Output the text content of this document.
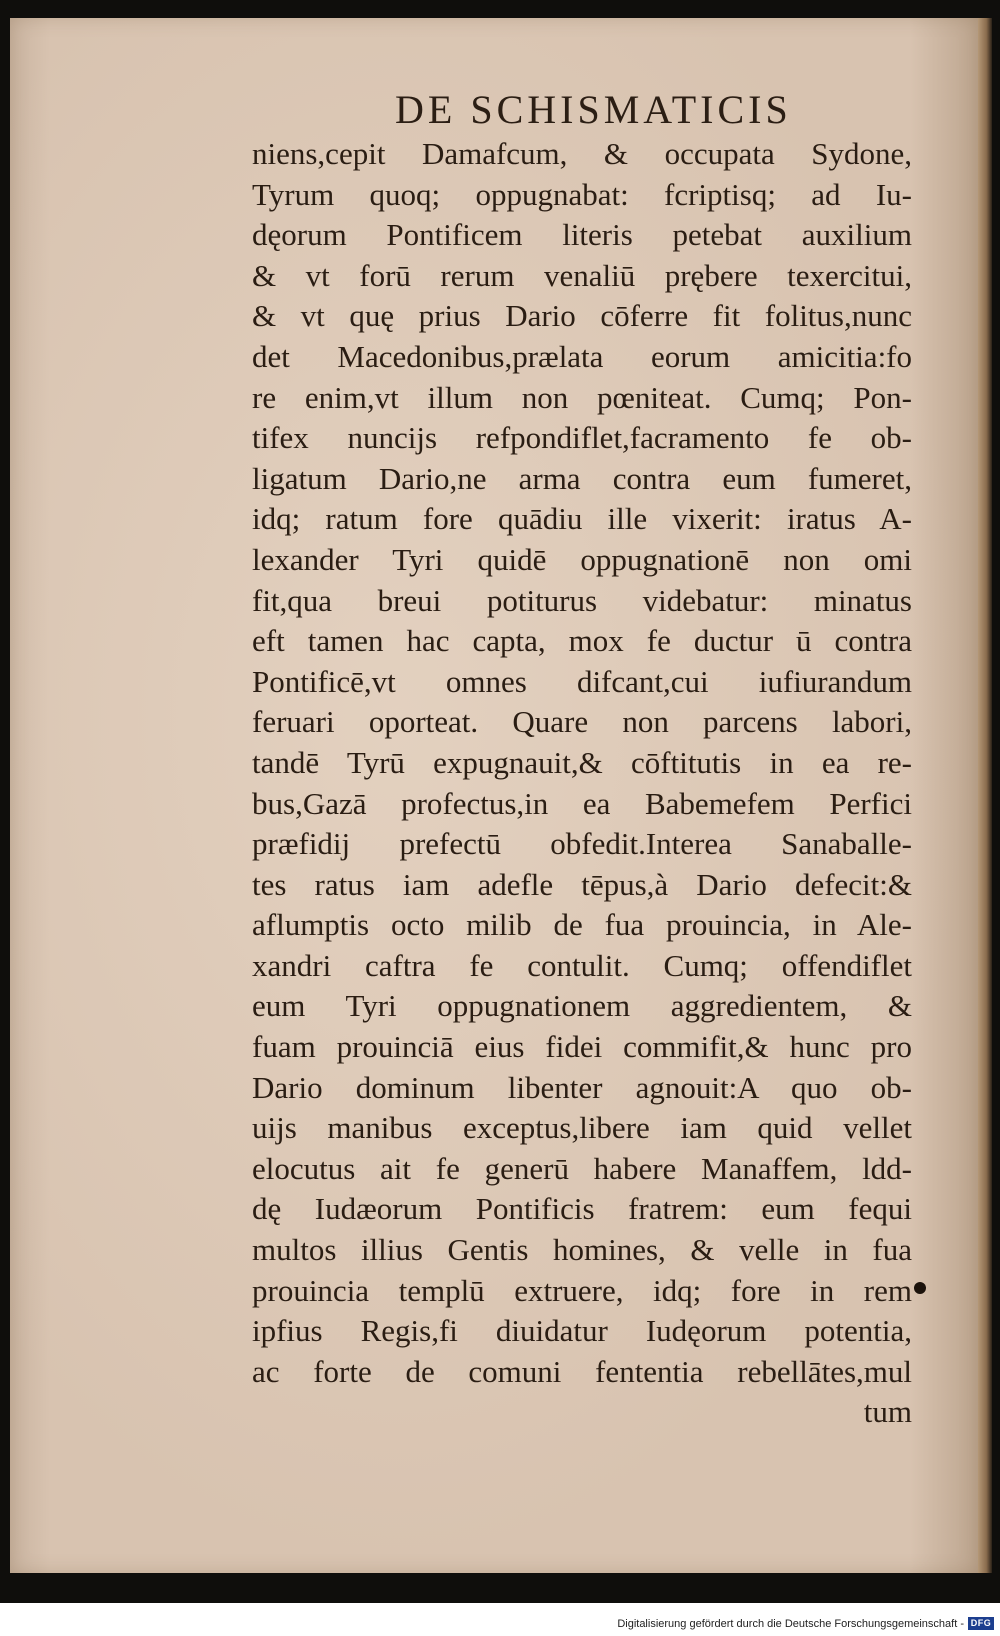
DE SCHISMATICIS
niens,cepit Damafcum, & occupata Sydone,
Tyrum quoq; oppugnabat: fcriptisq; ad Iu-
dęorum Pontificem literis petebat auxilium
& vt forū rerum venaliū prębere texercitui,
& vt quę prius Dario cōferre fit folitus,nunc
det Macedonibus,prælata eorum amicitia:fo
re enim,vt illum non pœniteat. Cumq; Pon-
tifex nuncijs refpondiflet,facramento fe ob-
ligatum Dario,ne arma contra eum fumeret,
idq; ratum fore quādiu ille vixerit: iratus A-
lexander Tyri quidē oppugnationē non omi
fit,qua breui potiturus videbatur: minatus
eft tamen hac capta, mox fe ductur ū contra
Pontificē,vt omnes difcant,cui iufiurandum
feruari oporteat. Quare non parcens labori,
tandē Tyrū expugnauit,& cōftitutis in ea re-
bus,Gazā profectus,in ea Babemefem Perfici
præfidij prefectū obfedit.Interea Sanaballe-
tes ratus iam adefle tēpus,à Dario defecit:&
aflumptis octo milib de fua prouincia, in Ale-
xandri caftra fe contulit. Cumq; offendiflet
eum Tyri oppugnationem aggredientem, &
fuam prouinciā eius fidei commifit,& hunc pro
Dario dominum libenter agnouit:A quo ob-
uijs manibus exceptus,libere iam quid vellet
elocutus ait fe generū habere Manaffem, ldd-
dę Iudæorum Pontificis fratrem: eum fequi
multos illius Gentis homines, & velle in fua
prouincia templū extruere, idq; fore in rem
ipfius Regis,fi diuidatur Iudęorum potentia,
ac forte de comuni fententia rebellātes,mul
tum
Digitalisierung gefördert durch die Deutsche Forschungsgemeinschaft - DFG
